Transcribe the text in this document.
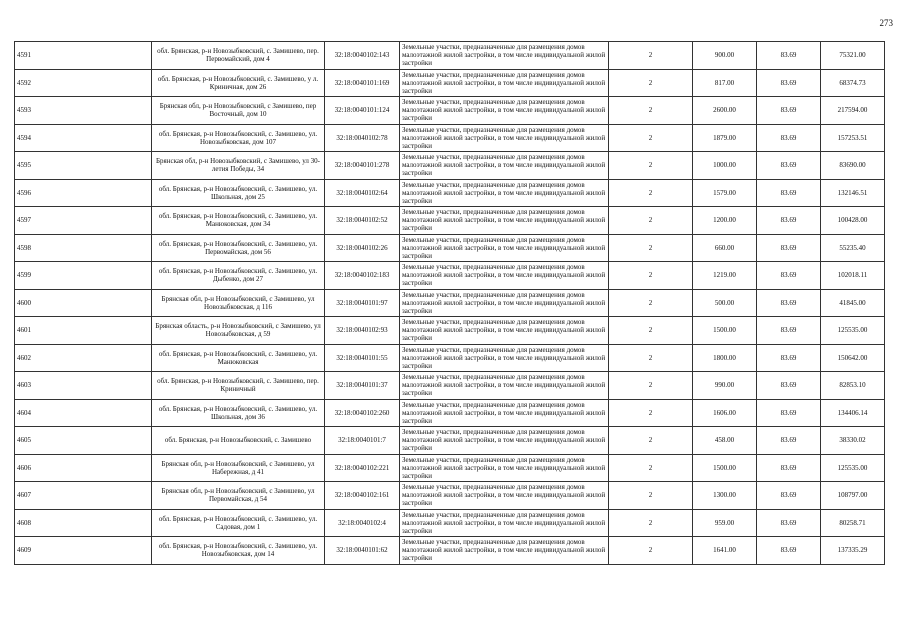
273
4591	обл. Брянская, р-н Новозыбковский, с. Замишево, пер. Первомайский, дом 4	32:18:0040102:143	Земельные участки, предназначенные для размещения домов малоэтажной жилой застройки, в том числе индивидуальной жилой застройки	2	900.00	83.69	75321.00
4592	обл. Брянская, р-н Новозыбковский, с. Замишево, у л. Криничная, дом 26	32:18:0040101:169	Земельные участки, предназначенные для размещения домов малоэтажной жилой застройки, в том числе индивидуальной жилой застройки	2	817.00	83.69	68374.73
4593	Брянская обл, р-н Новозыбковский, с Замишево, пер Восточный, дом 10	32:18:0040101:124	Земельные участки, предназначенные для размещения домов малоэтажной жилой застройки, в том числе индивидуальной жилой застройки	2	2600.00	83.69	217594.00
4594	обл. Брянская, р-н Новозыбковский, с. Замишево, ул. Новозыбковская, дом 107	32:18:0040102:78	Земельные участки, предназначенные для размещения домов малоэтажной жилой застройки, в том числе индивидуальной жилой застройки	2	1879.00	83.69	157253.51
4595	Брянская обл, р-н Новозыбковский, с Замишево, ул 30-летия Победы, 34	32:18:0040101:278	Земельные участки, предназначенные для размещения домов малоэтажной жилой застройки, в том числе индивидуальной жилой застройки	2	1000.00	83.69	83690.00
4596	обл. Брянская, р-н Новозыбковский, с. Замишево, ул. Школьная, дом 25	32:18:0040102:64	Земельные участки, предназначенные для размещения домов малоэтажной жилой застройки, в том числе индивидуальной жилой застройки	2	1579.00	83.69	132146.51
4597	обл. Брянская, р-н Новозыбковский, с. Замишево, ул. Манюковская, дом 34	32:18:0040102:52	Земельные участки, предназначенные для размещения домов малоэтажной жилой застройки, в том числе индивидуальной жилой застройки	2	1200.00	83.69	100428.00
4598	обл. Брянская, р-н Новозыбковский, с. Замишево, ул. Первомайская, дом 56	32:18:0040102:26	Земельные участки, предназначенные для размещения домов малоэтажной жилой застройки, в том числе индивидуальной жилой застройки	2	660.00	83.69	55235.40
4599	обл. Брянская, р-н Новозыбковский, с. Замишево, ул. Дыбенко, дом 27	32:18:0040102:183	Земельные участки, предназначенные для размещения домов малоэтажной жилой застройки, в том числе индивидуальной жилой застройки	2	1219.00	83.69	102018.11
4600	Брянская обл, р-н Новозыбковский, с Замишево, ул Новозыбковская, д 116	32:18:0040101:97	Земельные участки, предназначенные для размещения домов малоэтажной жилой застройки, в том числе индивидуальной жилой застройки	2	500.00	83.69	41845.00
4601	Брянская область, р-н Новозыбковский, с Замишево, ул Новозыбковская, д 59	32:18:0040102:93	Земельные участки, предназначенные для размещения домов малоэтажной жилой застройки, в том числе индивидуальной жилой застройки	2	1500.00	83.69	125535.00
4602	обл. Брянская, р-н Новозыбковский, с. Замишево, ул. Манюковская	32:18:0040101:55	Земельные участки, предназначенные для размещения домов малоэтажной жилой застройки, в том числе индивидуальной жилой застройки	2	1800.00	83.69	150642.00
4603	обл. Брянская, р-н Новозыбковский, с. Замишево, пер. Криничный	32:18:0040101:37	Земельные участки, предназначенные для размещения домов малоэтажной жилой застройки, в том числе индивидуальной жилой застройки	2	990.00	83.69	82853.10
4604	обл. Брянская, р-н Новозыбковский, с. Замишево, ул. Школьная, дом 36	32:18:0040102:260	Земельные участки, предназначенные для размещения домов малоэтажной жилой застройки, в том числе индивидуальной жилой застройки	2	1606.00	83.69	134406.14
4605	обл. Брянская, р-н Новозыбковский, с. Замишево	32:18:0040101:7	Земельные участки, предназначенные для размещения домов малоэтажной жилой застройки, в том числе индивидуальной жилой застройки	2	458.00	83.69	38330.02
4606	Брянская обл, р-н Новозыбковский, с Замишево, ул Набережная, д 41	32:18:0040102:221	Земельные участки, предназначенные для размещения домов малоэтажной жилой застройки, в том числе индивидуальной жилой застройки	2	1500.00	83.69	125535.00
4607	Брянская обл, р-н Новозыбковский, с Замишево, ул Первомайская, д 54	32:18:0040102:161	Земельные участки, предназначенные для размещения домов малоэтажной жилой застройки, в том числе индивидуальной жилой застройки	2	1300.00	83.69	108797.00
4608	обл. Брянская, р-н Новозыбковский, с. Замишево, ул. Садовая, дом 1	32:18:0040102:4	Земельные участки, предназначенные для размещения домов малоэтажной жилой застройки, в том числе индивидуальной жилой застройки	2	959.00	83.69	80258.71
4609	обл. Брянская, р-н Новозыбковский, с. Замишево, ул. Новозыбковская, дом 14	32:18:0040101:62	Земельные участки, предназначенные для размещения домов малоэтажной жилой застройки, в том числе индивидуальной жилой застройки	2	1641.00	83.69	137335.29
